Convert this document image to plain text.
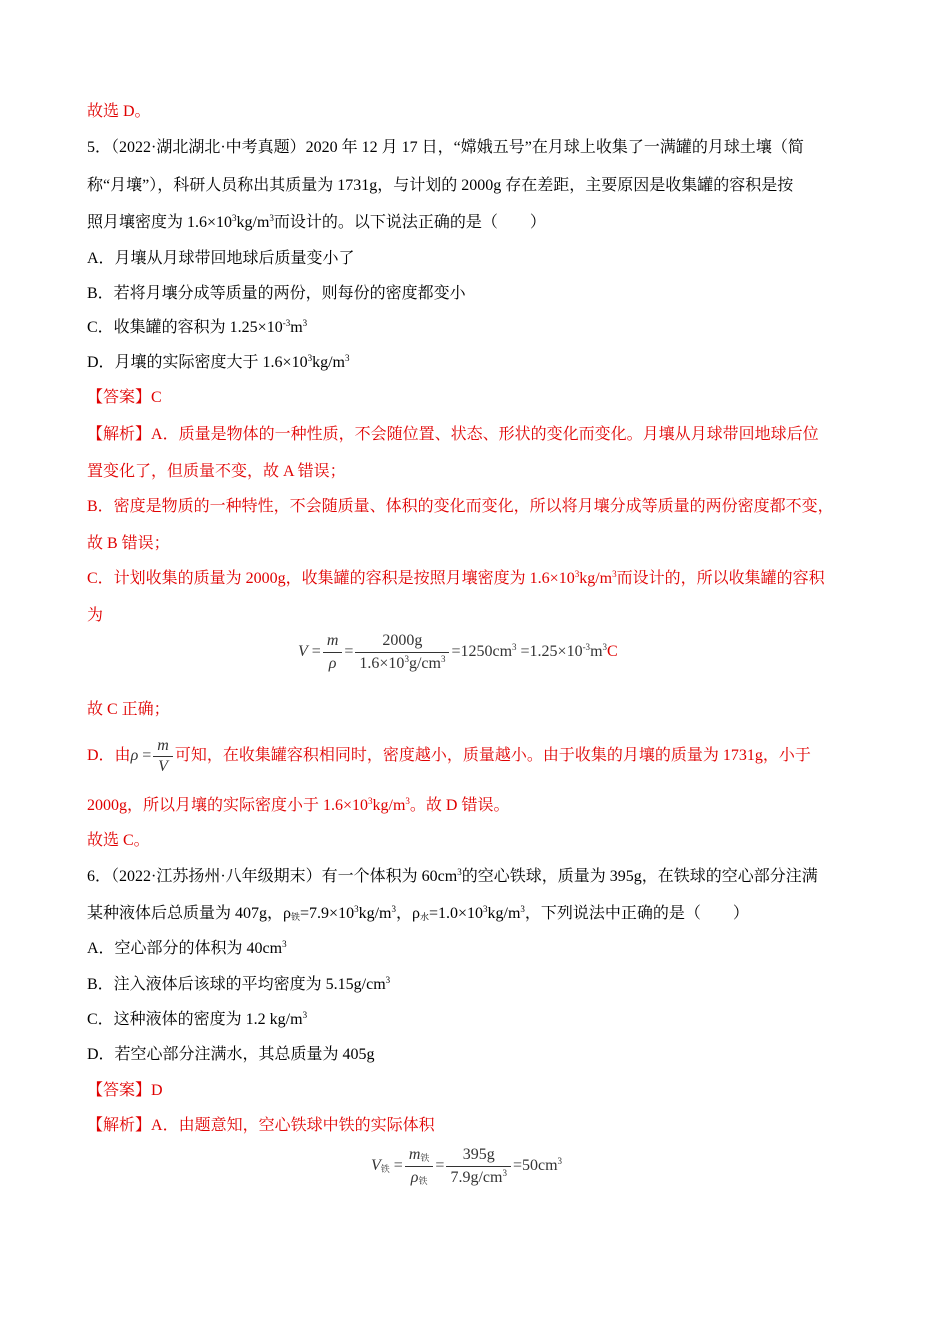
故选 D。
5．（2022·湖北湖北·中考真题）2020 年 12 月 17 日，“嫦娥五号”在月球上收集了一满罐的月球土壤（简
称“月壤”），科研人员称出其质量为 1731g，与计划的 2000g 存在差距，主要原因是收集罐的容积是按
照月壤密度为 $1.6\times 10^3kg/m^3$而设计的。以下说法正确的是（　　）
A．月壤从月球带回地球后质量变小了
B．若将月壤分成等质量的两份，则每份的密度都变小
C．收集罐的容积为 $1.25\times 10^{-3}m^3$
D．月壤的实际密度大于 $1.6\times 10^3kg/m^3$
【答案】C
【解析】A．质量是物体的一种性质，不会随位置、状态、形状的变化而变化。月壤从月球带回地球后位
置变化了，但质量不变，故 A 错误；
B．密度是物质的一种特性，不会随质量、体积的变化而变化，所以将月壤分成等质量的两份密度都不变，
故 B 错误；
C．计划收集的质量为 2000g，收集罐的容积是按照月壤密度为 $1.6\times 10^3kg/m^3$而设计的，所以收集罐的容积
为
$V = \frac{m}{\rho} = \frac{2000g}{1.6\times 10^3g/cm^3} =1250cm^3 =1.25\times 10^{-3}m^3C$
故 C 正确；
D．由$\rho = \frac{m}{V}$ 可知，在收集罐容积相同时，密度越小，质量越小。由于收集的月壤的质量为 1731g，小于
2000g，所以月壤的实际密度小于 $1.6\times 10^3kg/m^3$。故 D 错误。
故选 C。
6．（2022·江苏扬州·八年级期末）有一个体积为 $60cm^3$的空心铁球，质量为 395g，在铁球的空心部分注满
某种液体后总质量为 407g，$\rho_铁=7.9\times 10^3kg/m^3$，$\rho_水=1.0\times 10^3kg/m^3$，下列说法中正确的是（　　）
A．空心部分的体积为 $40cm^3$
B．注入液体后该球的平均密度为 $5.15g/cm^3$
C．这种液体的密度为 1.2 $kg/m^3$
D．若空心部分注满水，其总质量为 405g
【答案】D
【解析】A．由题意知，空心铁球中铁的实际体积
$V_铁 = \frac{m_铁}{\rho_铁} = \frac{395g}{7.9g/cm^3} =50cm^3$
